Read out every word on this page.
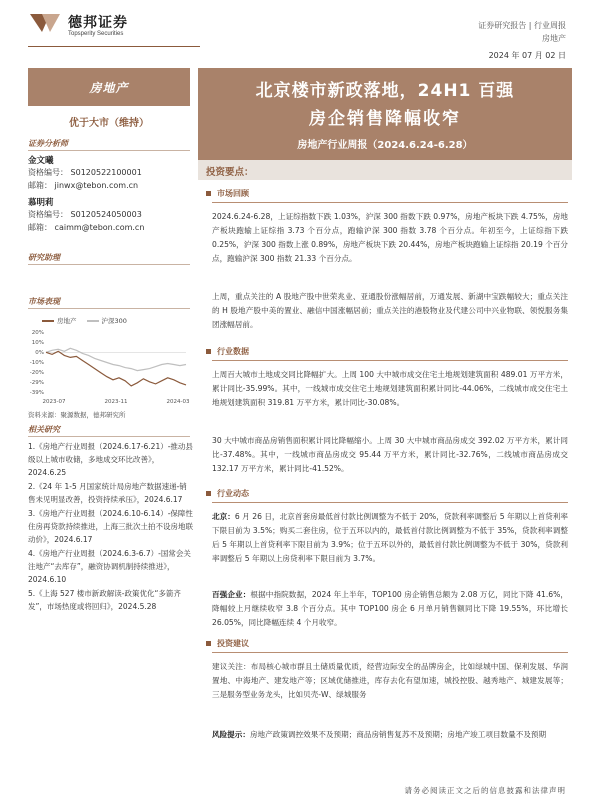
德邦证券
Topsperity Securities
证券研究报告 | 行业周报
房地产
2024 年 07 月 02 日
房地产
优于大市（维持）
证券分析师
金文曦
资格编号： S0120522100001
邮箱： jinwx@tebon.com.cn
慕明莉
资格编号： S0120524050003
邮箱： caimm@tebon.com.cn
研究助理
市场表现
房地产	沪深300
20%
10%
0%
-10%
-20%
-29%
-39%
2023-07	2023-11	2024-03
资料来源：聚源数据，德邦研究所
相关研究
1.《房地产行业周报（2024.6.17-6.21）-推动县级以上城市收储，多地成交环比改善》，2024.6.25
2.《24 年 1-5 月国家统计局房地产数据速递-销售未见明显改善，投资持续承压》，2024.6.17
3.《房地产行业周报（2024.6.10-6.14）-保障性住房再贷款持续推进，上海三批次土拍不设房地联动价》，2024.6.17
4.《房地产行业周报（2024.6.3-6.7）-国常会关注地产“去库存”，融资协调机制持续推进》，2024.6.10
5.《上海 527 楼市新政解读-政策优化“多箭齐发”，市场热度或将回归》，2024.5.28
北京楼市新政落地，24H1 百强
房企销售降幅收窄
房地产行业周报（2024.6.24-6.28）
投资要点：
市场回顾
2024.6.24-6.28，上证综指数下跌 1.03%，沪深 300 指数下跌 0.97%，房地产板块下跌 4.75%，房地产板块跑输上证综指 3.73 个百分点，跑输沪深 300 指数 3.78 个百分点。年初至今，上证综指下跌 0.25%，沪深 300 指数上涨 0.89%，房地产板块下跌 20.44%，房地产板块跑输上证综指 20.19 个百分点，跑输沪深 300 指数 21.33 个百分点。
上周，重点关注的 A 股地产股中世荣兆业、亚通股份涨幅居前，万通发展、新湖中宝跌幅较大；重点关注的 H 股地产股中美的置业、融信中国涨幅居前；重点关注的港股物业及代建公司中兴业物联、领悦服务集团涨幅居前。
行业数据
上周百大城市土地成交同比降幅扩大。上周 100 大中城市成交住宅土地规划建筑面积 489.01 万平方米，累计同比-35.99%。其中，一线城市成交住宅土地规划建筑面积累计同比-44.06%，二线城市成交住宅土地规划建筑面积 319.81 万平方米，累计同比-30.08%。
30 大中城市商品房销售面积累计同比降幅缩小。上周 30 大中城市商品房成交 392.02 万平方米，累计同比-37.48%。其中，一线城市商品房成交 95.44 万平方米，累计同比-32.76%，二线城市商品房成交 132.17 万平方米，累计同比-41.52%。
行业动态
北京：6 月 26 日，北京首套房最低首付款比例调整为不低于 20%，贷款利率调整后 5 年期以上首贷利率下限目前为 3.5%；购买二套住房，位于五环以内的，最低首付款比例调整为不低于 35%，贷款利率调整后 5 年期以上首贷利率下限目前为 3.9%；位于五环以外的，最低首付款比例调整为不低于 30%，贷款利率调整后 5 年期以上房贷利率下限目前为 3.7%。
百强企业：根据中指院数据，2024 年上半年，TOP100 房企销售总额为 2.08 万亿，同比下降 41.6%，降幅较上月继续收窄 3.8 个百分点。其中 TOP100 房企 6 月单月销售额同比下降 19.55%，环比增长 26.05%，同比降幅连续 4 个月收窄。
投资建议
建议关注：布局核心城市群且土储质量优质，经营边际安全的品牌房企，比如绿城中国、保利发展、华润置地、中海地产、建发地产等；区域优储推进，库存去化有望加速，城投控股、越秀地产、城建发展等；三是服务型业务龙头，比如贝壳-W、绿城服务
风险提示：房地产政策调控效果不及预期；商品房销售复苏不及预期；房地产竣工项目数量不及预期
请务必阅读正文之后的信息披露和法律声明
